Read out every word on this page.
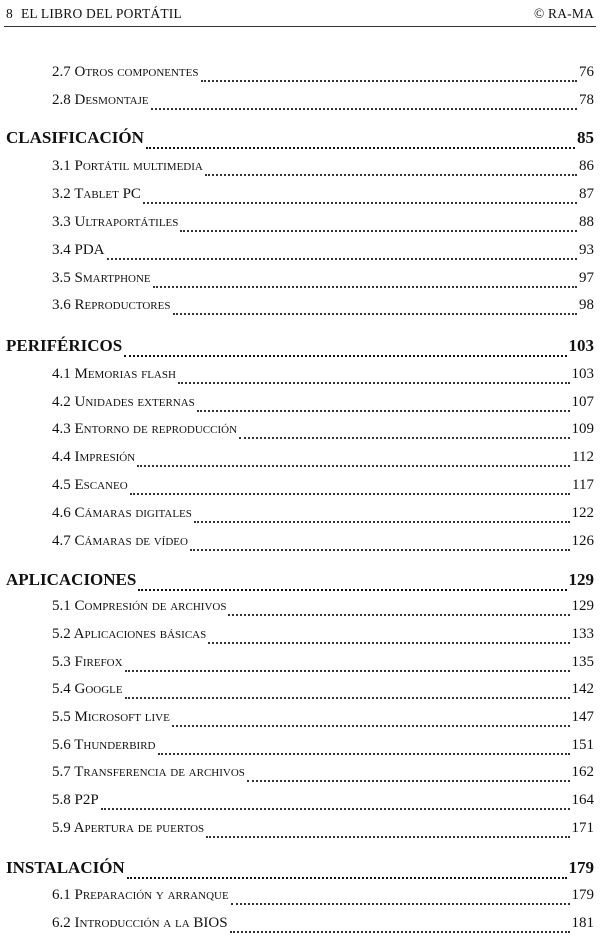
8 EL LIBRO DEL PORTÁTIL	© RA-MA
2.7 Otros componentes	76
2.8 Desmontaje	78
CLASIFICACIÓN	85
3.1 Portátil multimedia	86
3.2 Tablet PC	87
3.3 Ultraportátiles	88
3.4 PDA	93
3.5 Smartphone	97
3.6 Reproductores	98
PERIFÉRICOS	103
4.1 Memorias flash	103
4.2 Unidades externas	107
4.3 Entorno de reproducción	109
4.4 Impresión	112
4.5 Escaneo	117
4.6 Cámaras digitales	122
4.7 Cámaras de vídeo	126
APLICACIONES	129
5.1 Compresión de archivos	129
5.2 Aplicaciones básicas	133
5.3 Firefox	135
5.4 Google	142
5.5 Microsoft live	147
5.6 Thunderbird	151
5.7 Transferencia de archivos	162
5.8 P2P	164
5.9 Apertura de puertos	171
INSTALACIÓN	179
6.1 Preparación y arranque	179
6.2 Introducción a la BIOS	181
